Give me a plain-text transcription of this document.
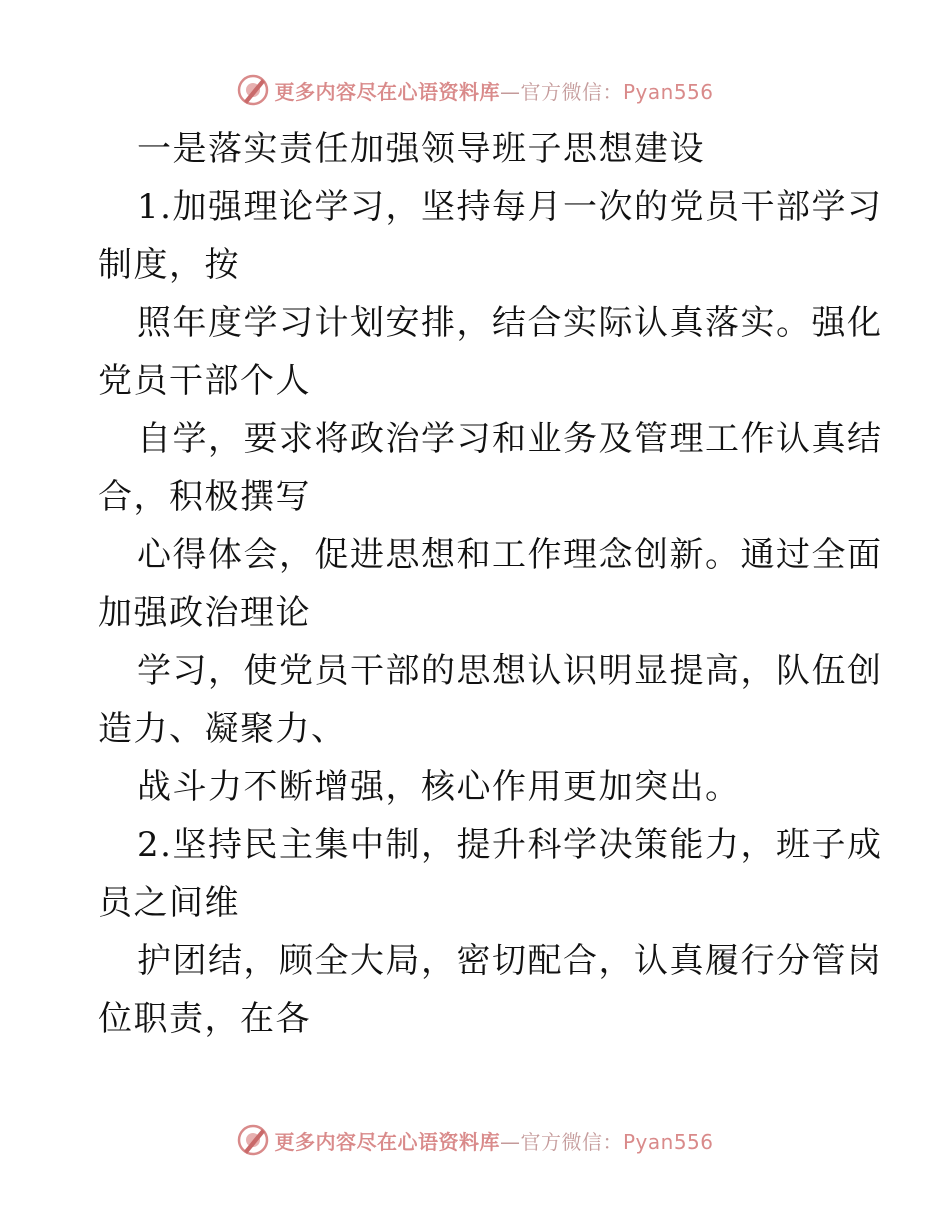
更多内容尽在心语资料库—官方微信：Pyan556
一是落实责任加强领导班子思想建设
1.加强理论学习，坚持每月一次的党员干部学习
制度，按
照年度学习计划安排，结合实际认真落实。强化
党员干部个人
自学，要求将政治学习和业务及管理工作认真结
合，积极撰写
心得体会，促进思想和工作理念创新。通过全面
加强政治理论
学习，使党员干部的思想认识明显提高，队伍创
造力、凝聚力、
战斗力不断增强，核心作用更加突出。
2.坚持民主集中制，提升科学决策能力，班子成
员之间维
护团结，顾全大局，密切配合，认真履行分管岗
位职责，在各
更多内容尽在心语资料库—官方微信：Pyan556
